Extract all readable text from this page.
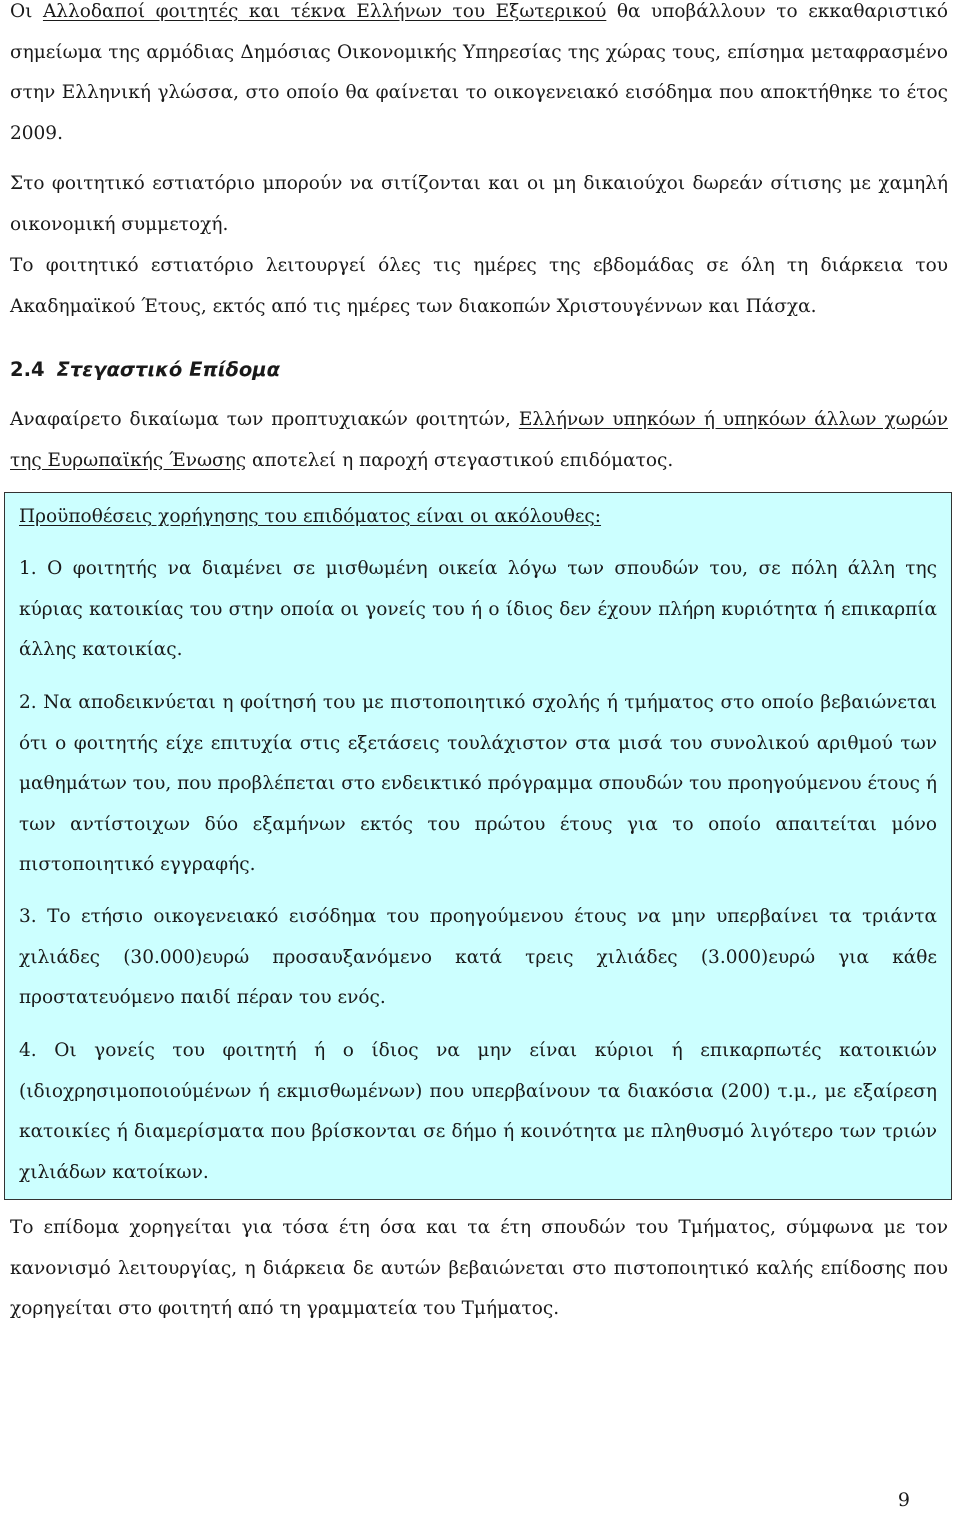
Οι Αλλοδαποί φοιτητές και τέκνα Ελλήνων του Εξωτερικού θα υποβάλλουν το εκκαθαριστικό σημείωμα της αρμόδιας Δημόσιας Οικονομικής Υπηρεσίας της χώρας τους, επίσημα μεταφρασμένο στην Ελληνική γλώσσα, στο οποίο θα φαίνεται το οικογενειακό εισόδημα που αποκτήθηκε το έτος 2009.

Στο φοιτητικό εστιατόριο μπορούν να σιτίζονται και οι μη δικαιούχοι δωρεάν σίτισης με χαμηλή οικονομική συμμετοχή.

Το φοιτητικό εστιατόριο λειτουργεί όλες τις ημέρες της εβδομάδας σε όλη τη διάρκεια του Ακαδημαϊκού Έτους, εκτός από τις ημέρες των διακοπών Χριστουγέννων και Πάσχα.

2.4 Στεγαστικό Επίδομα

Αναφαίρετο δικαίωμα των προπτυχιακών φοιτητών, Ελλήνων υπηκόων ή υπηκόων άλλων χωρών της Ευρωπαϊκής Ένωσης αποτελεί η παροχή στεγαστικού επιδόματος.

Προϋποθέσεις χορήγησης του επιδόματος είναι οι ακόλουθες:

1. Ο φοιτητής να διαμένει σε μισθωμένη οικεία λόγω των σπουδών του, σε πόλη άλλη της κύριας κατοικίας του στην οποία οι γονείς του ή ο ίδιος δεν έχουν πλήρη κυριότητα ή επικαρπία άλλης κατοικίας.

2. Να αποδεικνύεται η φοίτησή του με πιστοποιητικό σχολής ή τμήματος στο οποίο βεβαιώνεται ότι ο φοιτητής είχε επιτυχία στις εξετάσεις τουλάχιστον στα μισά του συνολικού αριθμού των μαθημάτων του, που προβλέπεται στο ενδεικτικό πρόγραμμα σπουδών του προηγούμενου έτους ή των αντίστοιχων δύο εξαμήνων εκτός του πρώτου έτους για το οποίο απαιτείται μόνο πιστοποιητικό εγγραφής.

3. Το ετήσιο οικογενειακό εισόδημα του προηγούμενου έτους να μην υπερβαίνει τα τριάντα χιλιάδες (30.000)ευρώ προσαυξανόμενο κατά τρεις χιλιάδες (3.000)ευρώ για κάθε προστατευόμενο παιδί πέραν του ενός.

4. Οι γονείς του φοιτητή ή ο ίδιος να μην είναι κύριοι ή επικαρπωτές κατοικιών (ιδιοχρησιμοποιούμένων ή εκμισθωμένων) που υπερβαίνουν τα διακόσια (200) τ.μ., με εξαίρεση κατοικίες ή διαμερίσματα που βρίσκονται σε δήμο ή κοινότητα με πληθυσμό λιγότερο των τριών χιλιάδων κατοίκων.

Το επίδομα χορηγείται για τόσα έτη όσα και τα έτη σπουδών του Τμήματος, σύμφωνα με τον κανονισμό λειτουργίας, η διάρκεια δε αυτών βεβαιώνεται στο πιστοποιητικό καλής επίδοσης που χορηγείται στο φοιτητή από τη γραμματεία του Τμήματος.

9
